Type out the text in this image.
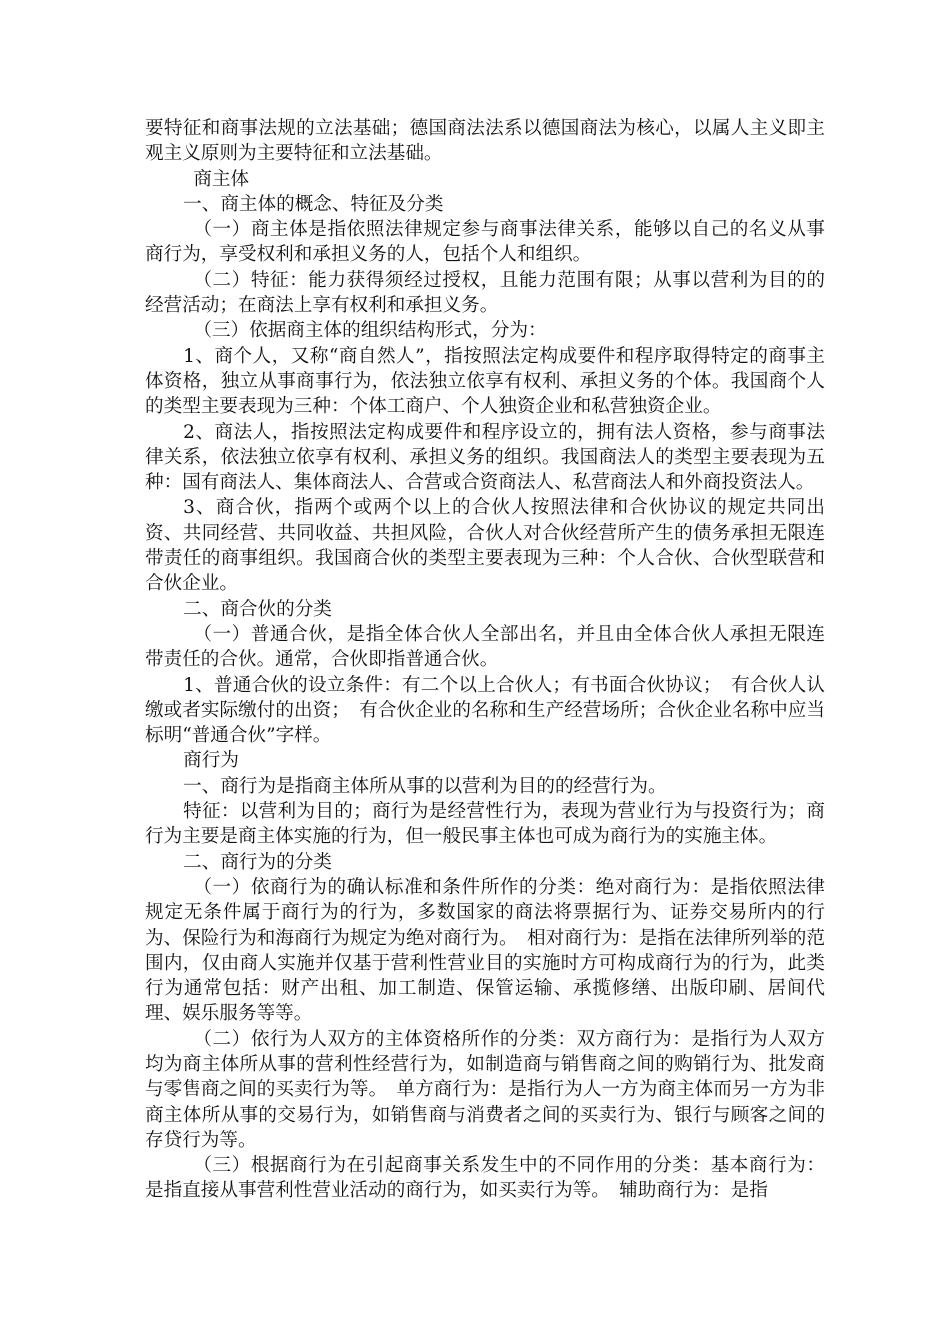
要特征和商事法规的立法基础；德国商法法系以德国商法为核心，以属人主义即主观主义原则为主要特征和立法基础。

商主体

一、商主体的概念、特征及分类

（一）商主体是指依照法律规定参与商事法律关系，能够以自己的名义从事商行为，享受权利和承担义务的人，包括个人和组织。

（二）特征：能力获得须经过授权，且能力范围有限；从事以营利为目的的经营活动；在商法上享有权利和承担义务。

（三）依据商主体的组织结构形式，分为：

1、商个人，又称“商自然人”，指按照法定构成要件和程序取得特定的商事主体资格，独立从事商事行为，依法独立依享有权利、承担义务的个体。我国商个人的类型主要表现为三种：个体工商户、个人独资企业和私营独资企业。

2、商法人，指按照法定构成要件和程序设立的，拥有法人资格，参与商事法律关系，依法独立依享有权利、承担义务的组织。我国商法人的类型主要表现为五种：国有商法人、集体商法人、合营或合资商法人、私营商法人和外商投资法人。

3、商合伙，指两个或两个以上的合伙人按照法律和合伙协议的规定共同出资、共同经营、共同收益、共担风险，合伙人对合伙经营所产生的债务承担无限连带责任的商事组织。我国商合伙的类型主要表现为三种：个人合伙、合伙型联营和合伙企业。

二、商合伙的分类

（一）普通合伙，是指全体合伙人全部出名，并且由全体合伙人承担无限连带责任的合伙。通常，合伙即指普通合伙。

1、普通合伙的设立条件：有二个以上合伙人；有书面合伙协议；　有合伙人认缴或者实际缴付的出资；　有合伙企业的名称和生产经营场所；合伙企业名称中应当标明“普通合伙”字样。

商行为

一、商行为是指商主体所从事的以营利为目的的经营行为。

特征：以营利为目的；商行为是经营性行为，表现为营业行为与投资行为；商行为主要是商主体实施的行为，但一般民事主体也可成为商行为的实施主体。

二、商行为的分类

（一）依商行为的确认标准和条件所作的分类：绝对商行为：是指依照法律规定无条件属于商行为的行为，多数国家的商法将票据行为、证券交易所内的行为、保险行为和海商行为规定为绝对商行为。　相对商行为：是指在法律所列举的范围内，仅由商人实施并仅基于营利性营业目的实施时方可构成商行为的行为，此类行为通常包括：财产出租、加工制造、保管运输、承揽修缮、出版印刷、居间代理、娱乐服务等等。

（二）依行为人双方的主体资格所作的分类：双方商行为：是指行为人双方均为商主体所从事的营利性经营行为，如制造商与销售商之间的购销行为、批发商与零售商之间的买卖行为等。　单方商行为：是指行为人一方为商主体而另一方为非商主体所从事的交易行为，如销售商与消费者之间的买卖行为、银行与顾客之间的存贷行为等。

（三）根据商行为在引起商事关系发生中的不同作用的分类：基本商行为：是指直接从事营利性营业活动的商行为，如买卖行为等。　辅助商行为：是指
